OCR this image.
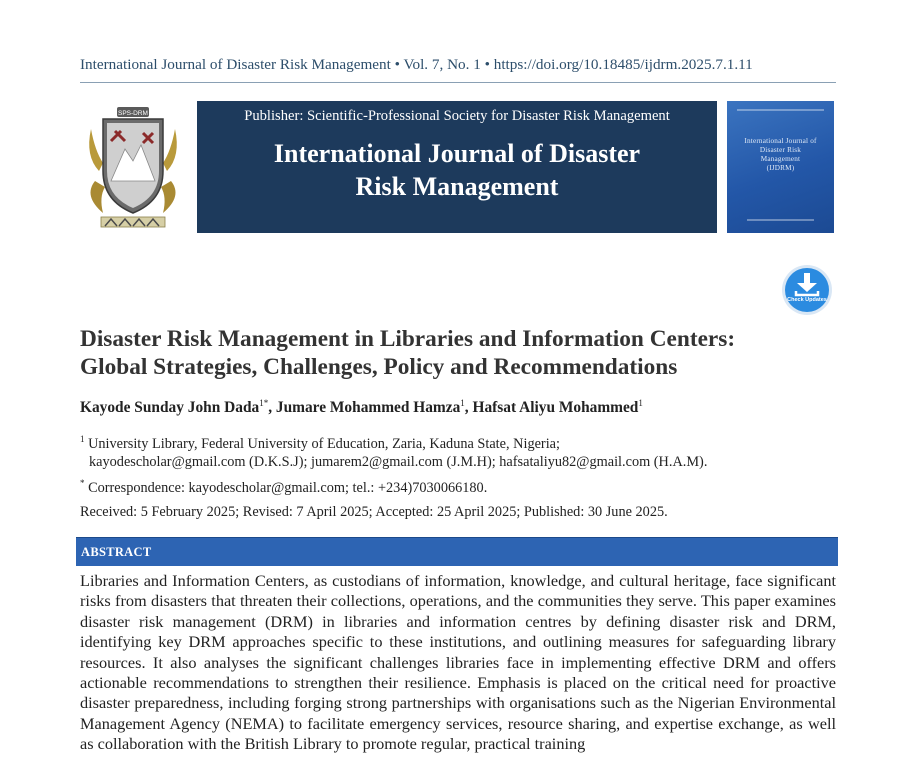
International Journal of Disaster Risk Management • Vol. 7, No. 1 • https://doi.org/10.18485/ijdrm.2025.7.1.11
SPS-DRM	Publisher: Scientific-Professional Society for Disaster Risk Management
International Journal of Disaster
Risk Management
International Journal of
Disaster Risk
Management
(IJDRM)
Check Updates
Disaster Risk Management in Libraries and Information Centers:
Global Strategies, Challenges, Policy and Recommendations
Kayode Sunday John Dada$^{1*}$, Jumare Mohammed Hamza$^1$, Hafsat Aliyu Mohammed$^1$
$^1$ University Library, Federal University of Education, Zaria, Kaduna State, Nigeria;
kayodescholar@gmail.com (D.K.S.J); jumarem2@gmail.com (J.M.H); hafsataliyu82@gmail.com (H.A.M).
* Correspondence: kayodescholar@gmail.com; tel.: +234)7030066180.
Received: 5 February 2025; Revised: 7 April 2025; Accepted: 25 April 2025; Published: 30 June 2025.
ABSTRACT
Libraries and Information Centers, as custodians of information, knowledge, and cultural heritage, face significant risks from disasters that threaten their collections, operations, and the communities they serve. This paper examines disaster risk management (DRM) in libraries and information centres by defining disaster risk and DRM, identifying key DRM approaches specific to these institutions, and outlining measures for safeguarding library resources. It also analyses the significant challenges libraries face in implementing effective DRM and offers actionable recommendations to strengthen their resilience. Emphasis is placed on the critical need for proactive disaster preparedness, including forging strong partnerships with organisations such as the Nigerian Environmental Management Agency (NEMA) to facilitate emergency services, resource sharing, and expertise exchange, as well as collaboration with the British Library to promote regular, practical training
